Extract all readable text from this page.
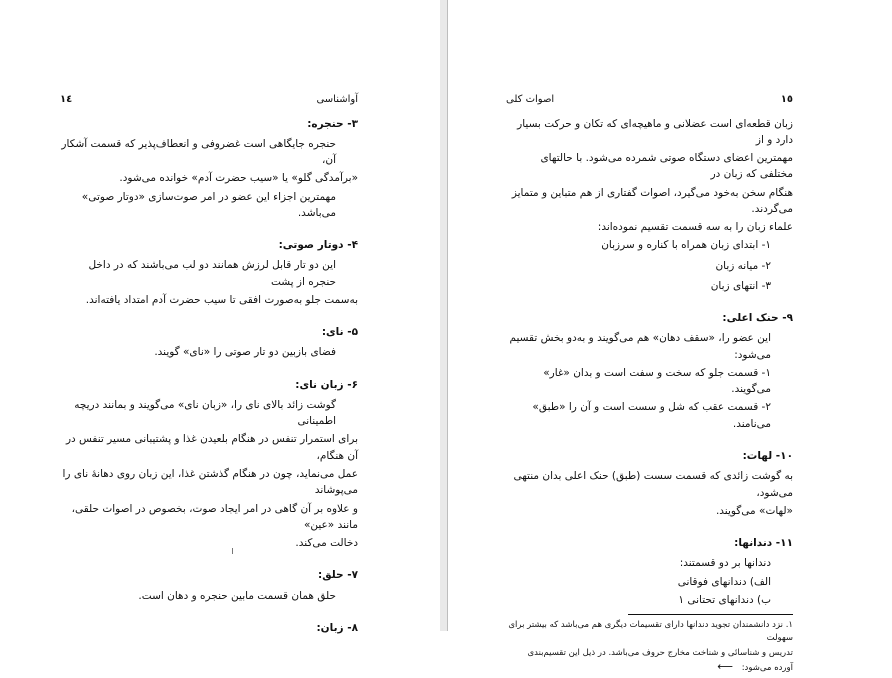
آواشناسی
١٤
۳- حنجره:

حنجره جایگاهی است غضروفی و انعطاف‌پذیر که قسمت آشکار آن،

«برآمدگی گلو» یا «سیب حضرت آدم» خوانده می‌شود.

مهمترین اجزاء این عضو در امر صوت‌سازی «دوتار صوتی» می‌باشد.

۴- دوتار صوتی:

این دو تار قابل لرزش همانند دو لب می‌باشند که در داخل حنجره از پشت

به‌سمت جلو به‌صورت افقی تا سیب حضرت آدم امتداد یافته‌اند.

۵- نای:

فضای بازبین دو تار صوتی را «نای» گویند.

۶- زبان نای:

گوشت زائد بالای نای را، «زبان نای» می‌گویند و بمانند دریچه اطمینانی

برای استمرار تنفس در هنگام بلعیدن غذا و پشتیبانی مسیر تنفس در آن هنگام،

عمل می‌نماید، چون در هنگام گذشتن غذا، این زبان روی دهانهٔ نای را می‌پوشاند

و علاوه بر آن گاهی در امر ایجاد صوت، بخصوص در اصوات حلقی، مانند «عین»

دخالت می‌کند.

۷- حلق:

حلق همان قسمت مابین حنجره و دهان است.

۸- زبان:
١٥
اصوات کلی

زبان قطعه‌ای است عضلانی و ماهیچه‌ای که تکان و حرکت بسیار دارد و از

مهمترین اعضای دستگاه صوتی شمرده می‌شود. با حالتهای مختلفی که زبان در

هنگام سخن به‌خود می‌گیرد، اصوات گفتاری از هم متباین و متمایز می‌گردند.

علماء زبان را به سه قسمت تقسیم نموده‌اند:

۱- ابتدای زبان همراه با کناره و سرزبان

۲- میانه زبان

۳- انتهای زبان

۹- حنک اعلی:

این عضو را، «سقف دهان» هم می‌گویند و به‌دو بخش تقسیم می‌شود:

۱- قسمت جلو که سخت و سفت است و بدان «غار» می‌گویند.

۲- قسمت عقب که شل و سست است و آن را «طبق» می‌نامند.

۱۰- لهات:

به گوشت زائدی که قسمت سست (طبق) حنک اعلی بدان منتهی می‌شود،

«لهات» می‌گویند.

۱۱- دندانها:

دندانها بر دو قسمتند:

الف) دندانهای فوقانی

ب) دندانهای تحتانی ۱

۱. نزد دانشمندان تجوید دندانها دارای تقسیمات دیگری هم می‌باشد که بیشتر برای سهولت

تدریس و شناسائی و شناخت مخارج حروف می‌باشد. در ذیل این تقسیم‌بندی آورده می‌شود: ⟵
